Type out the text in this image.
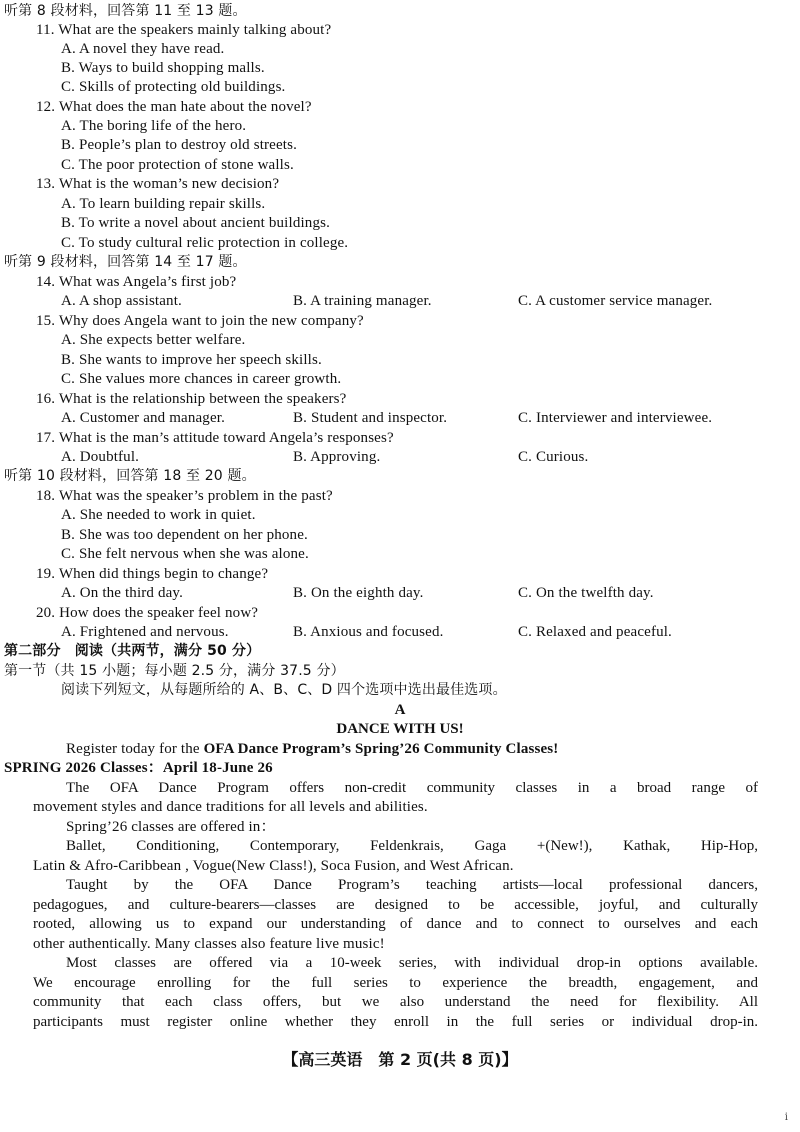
听第 8 段材料，回答第 11 至 13 题。
11. What are the speakers mainly talking about?
A. A novel they have read.
B. Ways to build shopping malls.
C. Skills of protecting old buildings.
12. What does the man hate about the novel?
A. The boring life of the hero.
B. People’s plan to destroy old streets.
C. The poor protection of stone walls.
13. What is the woman’s new decision?
A. To learn building repair skills.
B. To write a novel about ancient buildings.
C. To study cultural relic protection in college.
听第 9 段材料，回答第 14 至 17 题。
14. What was Angela’s first job?
A. A shop assistant.	B. A training manager.	C. A customer service manager.
15. Why does Angela want to join the new company?
A. She expects better welfare.
B. She wants to improve her speech skills.
C. She values more chances in career growth.
16. What is the relationship between the speakers?
A. Customer and manager.	B. Student and inspector.	C. Interviewer and interviewee.
17. What is the man’s attitude toward Angela’s responses?
A. Doubtful.	B. Approving.	C. Curious.
听第 10 段材料，回答第 18 至 20 题。
18. What was the speaker’s problem in the past?
A. She needed to work in quiet.
B. She was too dependent on her phone.
C. She felt nervous when she was alone.
19. When did things begin to change?
A. On the third day.	B. On the eighth day.	C. On the twelfth day.
20. How does the speaker feel now?
A. Frightened and nervous.	B. Anxious and focused.	C. Relaxed and peaceful.
第二部分　阅读（共两节，满分 50 分）
第一节（共 15 小题；每小题 2.5 分，满分 37.5 分）
阅读下列短文，从每题所给的 A、B、C、D 四个选项中选出最佳选项。
A
DANCE WITH US!
Register today for the OFA Dance Program’s Spring’26 Community Classes!
SPRING 2026 Classes：April 18-June 26
The OFA Dance Program offers non-credit community classes in a broad range of
movement styles and dance traditions for all levels and abilities.
Spring’26 classes are offered in：
Ballet, Conditioning, Contemporary, Feldenkrais, Gaga +(New!), Kathak, Hip-Hop,
Latin & Afro-Caribbean , Vogue(New Class!), Soca Fusion, and West African.
Taught by the OFA Dance Program’s teaching artists—local professional dancers,
pedagogues, and culture-bearers—classes are designed to be accessible, joyful, and culturally
rooted, allowing us to expand our understanding of dance and to connect to ourselves and each
other authentically. Many classes also feature live music!
Most classes are offered via a 10-week series, with individual drop-in options available.
We encourage enrolling for the full series to experience the breadth, engagement, and
community that each class offers, but we also understand the need for flexibility. All
participants must register online whether they enroll in the full series or individual drop-in.
【高三英语　第 2 页(共 8 页)】
ⅰ
